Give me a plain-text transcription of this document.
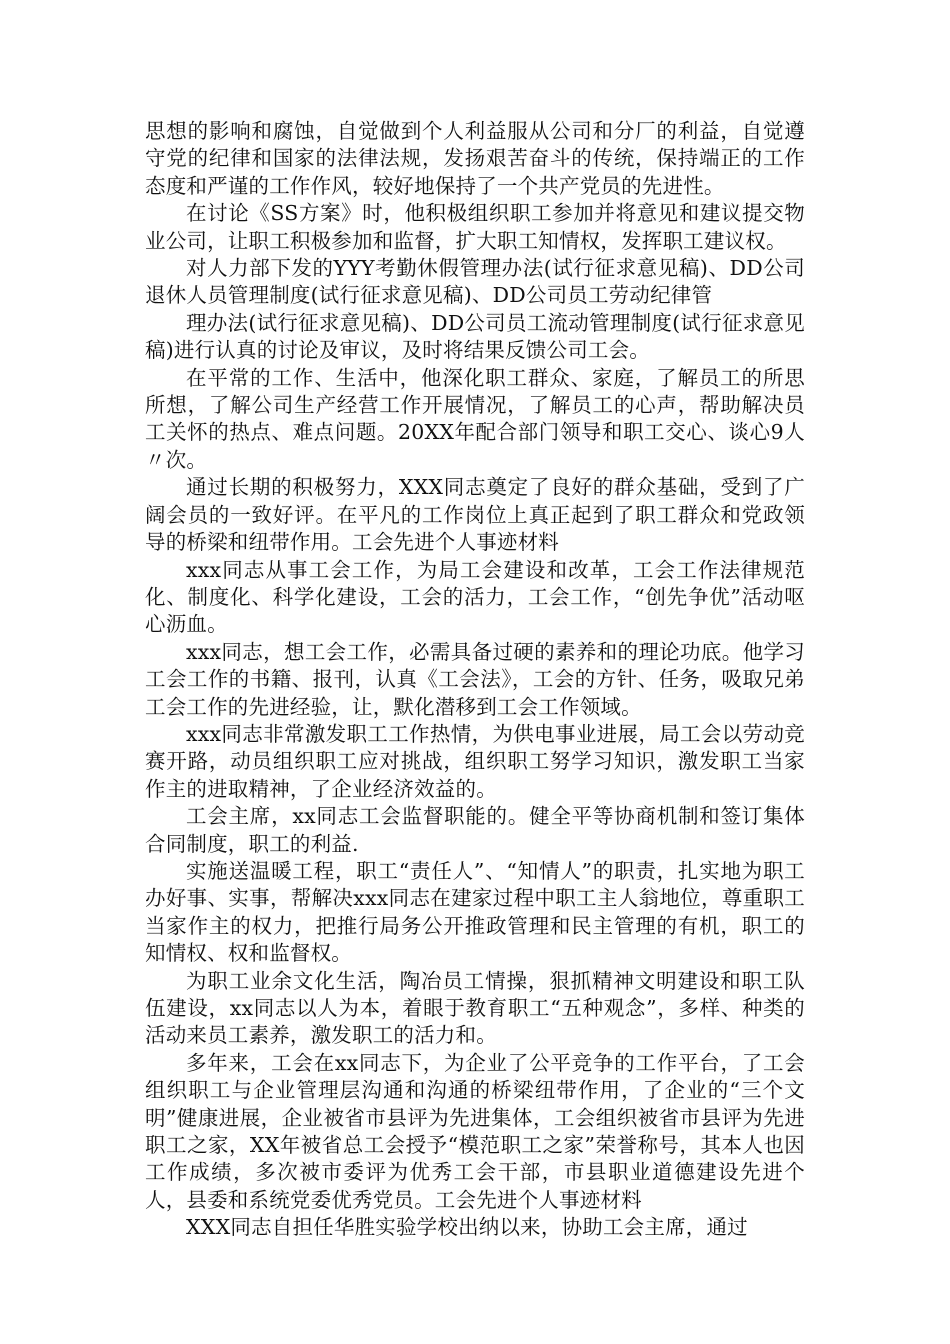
思想的影响和腐蚀，自觉做到个人利益服从公司和分厂的利益，自觉遵守党的纪律和国家的法律法规，发扬艰苦奋斗的传统，保持端正的工作态度和严谨的工作作风，较好地保持了一个共产党员的先进性。

在讨论《SS方案》时，他积极组织职工参加并将意见和建议提交物业公司，让职工积极参加和监督，扩大职工知情权，发挥职工建议权。

对人力部下发的YYY考勤休假管理办法(试行征求意见稿)、DD公司退休人员管理制度(试行征求意见稿)、DD公司员工劳动纪律管

理办法(试行征求意见稿)、DD公司员工流动管理制度(试行征求意见稿)进行认真的讨论及审议，及时将结果反馈公司工会。

在平常的工作、生活中，他深化职工群众、家庭，了解员工的所思所想，了解公司生产经营工作开展情况，了解员工的心声，帮助解决员工关怀的热点、难点问题。20XX年配合部门领导和职工交心、谈心9人〃次。

通过长期的积极努力，XXX同志奠定了良好的群众基础，受到了广阔会员的一致好评。在平凡的工作岗位上真正起到了职工群众和党政领导的桥梁和纽带作用。工会先进个人事迹材料

xxx同志从事工会工作，为局工会建设和改革，工会工作法律规范化、制度化、科学化建设，工会的活力，工会工作，“创先争优”活动呕心沥血。

xxx同志，想工会工作，必需具备过硬的素养和的理论功底。他学习工会工作的书籍、报刊，认真《工会法》，工会的方针、任务，吸取兄弟工会工作的先进经验，让，默化潜移到工会工作领域。

xxx同志非常激发职工工作热情，为供电事业进展，局工会以劳动竞赛开路，动员组织职工应对挑战，组织职工努学习知识，激发职工当家作主的进取精神，了企业经济效益的。

工会主席，xx同志工会监督职能的。健全平等协商机制和签订集体合同制度，职工的利益.

实施送温暖工程，职工“责任人”、“知情人”的职责，扎实地为职工办好事、实事，帮解决xxx同志在建家过程中职工主人翁地位，尊重职工当家作主的权力，把推行局务公开推政管理和民主管理的有机，职工的知情权、权和监督权。

为职工业余文化生活，陶冶员工情操，狠抓精神文明建设和职工队伍建设，xx同志以人为本，着眼于教育职工“五种观念”，多样、种类的活动来员工素养，激发职工的活力和。

多年来，工会在xx同志下，为企业了公平竞争的工作平台，了工会组织职工与企业管理层沟通和沟通的桥梁纽带作用，了企业的“三个文明”健康进展，企业被省市县评为先进集体，工会组织被省市县评为先进职工之家，XX年被省总工会授予“模范职工之家”荣誉称号，其本人也因工作成绩，多次被市委评为优秀工会干部，市县职业道德建设先进个人，县委和系统党委优秀党员。工会先进个人事迹材料

XXX同志自担任华胜实验学校出纳以来，协助工会主席，通过
